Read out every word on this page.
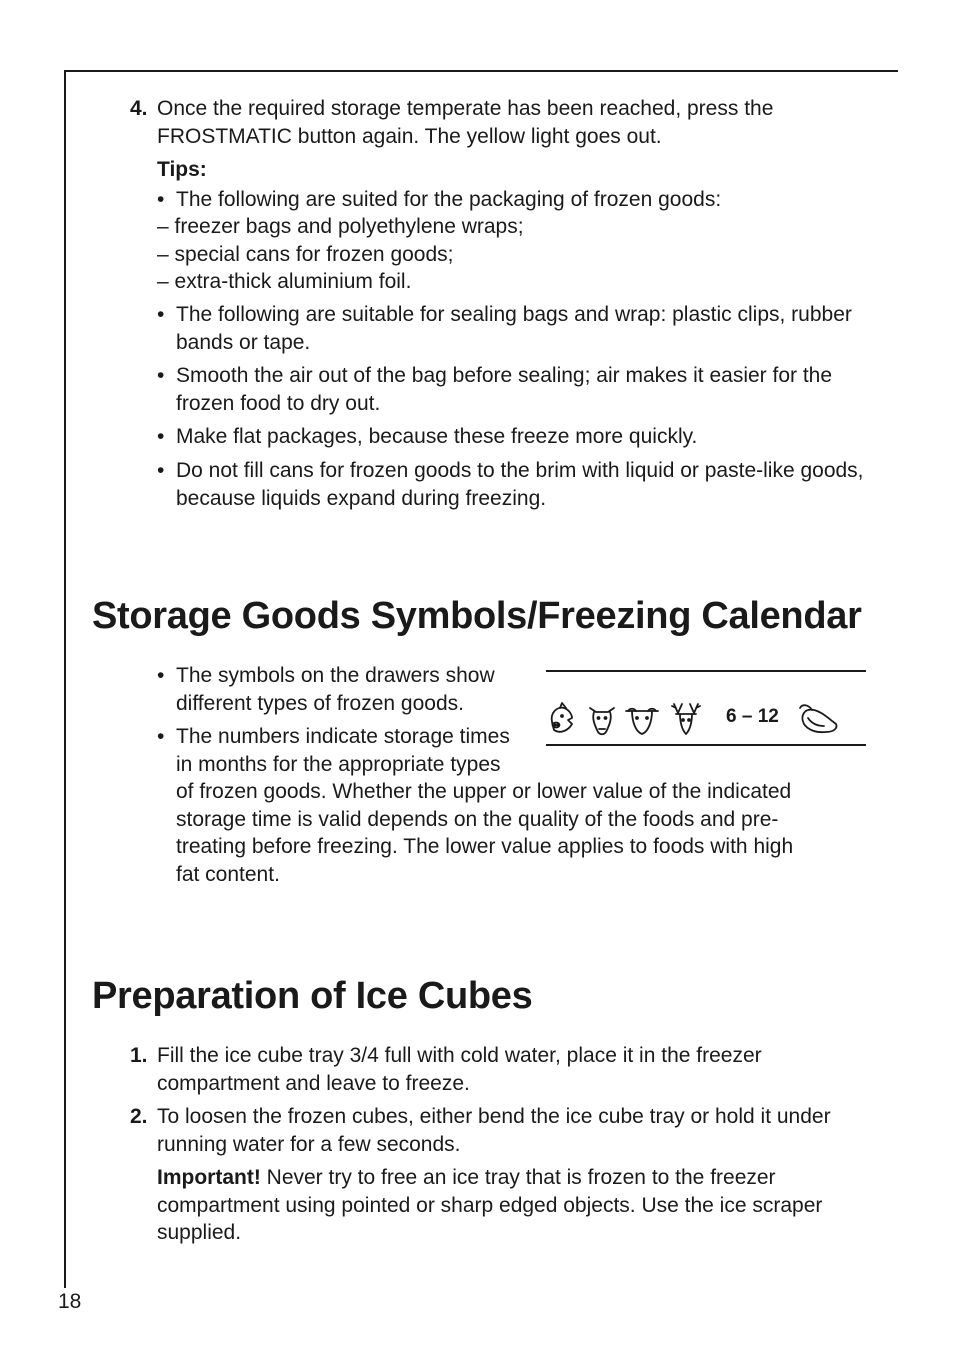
4. Once the required storage temperate has been reached, press the FROSTMATIC button again. The yellow light goes out.
Tips:
• The following are suited for the packaging of frozen goods:
– freezer bags and polyethylene wraps;
– special cans for frozen goods;
– extra-thick aluminium foil.
• The following are suitable for sealing bags and wrap: plastic clips, rubber bands or tape.
• Smooth the air out of the bag before sealing; air makes it easier for the frozen food to dry out.
• Make flat packages, because these freeze more quickly.
• Do not fill cans for frozen goods to the brim with liquid or paste-like goods, because liquids expand during freezing.
Storage Goods Symbols/Freezing Calendar
• The symbols on the drawers show different types of frozen goods.
• The numbers indicate storage times
in months for the appropriate types
of frozen goods. Whether the upper or lower value of the indicated
storage time is valid depends on the quality of the foods and pre-
treating before freezing. The lower value applies to foods with high
fat content.
6 – 12
Preparation of Ice Cubes
1. Fill the ice cube tray 3/4 full with cold water, place it in the freezer compartment and leave to freeze.
2. To loosen the frozen cubes, either bend the ice cube tray or hold it under running water for a few seconds.
Important! Never try to free an ice tray that is frozen to the freezer compartment using pointed or sharp edged objects. Use the ice scraper supplied.
18
